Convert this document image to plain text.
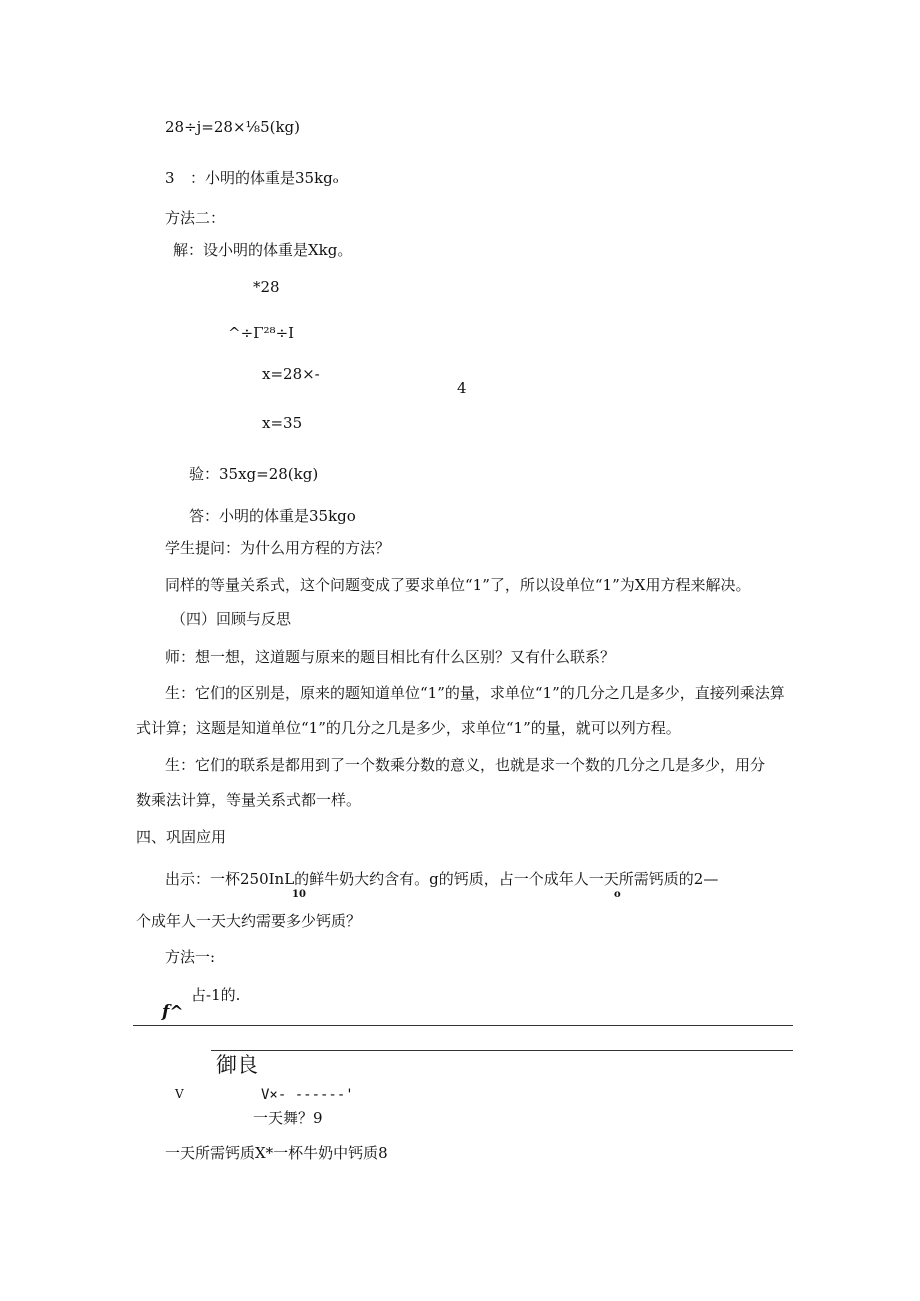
28÷j=28×⅛5(kg)
3 ：小明的体重是35kgₒ
方法二：
解：设小明的体重是Xkg。
*28
^÷Γ²⁸÷I
x=28×-
4
x=35
验：35xg=28(kg)
答：小明的体重是35kgo
学生提问：为什么用方程的方法？
同样的等量关系式，这个问题变成了要求单位“1”了，所以设单位“1”为X用方程来解决。
（四）回顾与反思
师：想一想，这道题与原来的题目相比有什么区别？又有什么联系？
生：它们的区别是，原来的题知道单位“1”的量，求单位“1”的几分之几是多少，直接列乘法算
式计算；这题是知道单位“1”的几分之几是多少，求单位“1”的量，就可以列方程。
生：它们的联系是都用到了一个数乘分数的意义，也就是求一个数的几分之几是多少，用分
数乘法计算，等量关系式都一样。
四、巩固应用
出示：一杯250InL的鲜牛奶大约含有。g的钙质，占一个成年人一天所需钙质的2—
10	o
个成年人一天大约需要多少钙质？
方法一:
占-1的.
f^
御良
V	V×- ------'
一天舞？9
一天所需钙质X*一杯牛奶中钙质8
